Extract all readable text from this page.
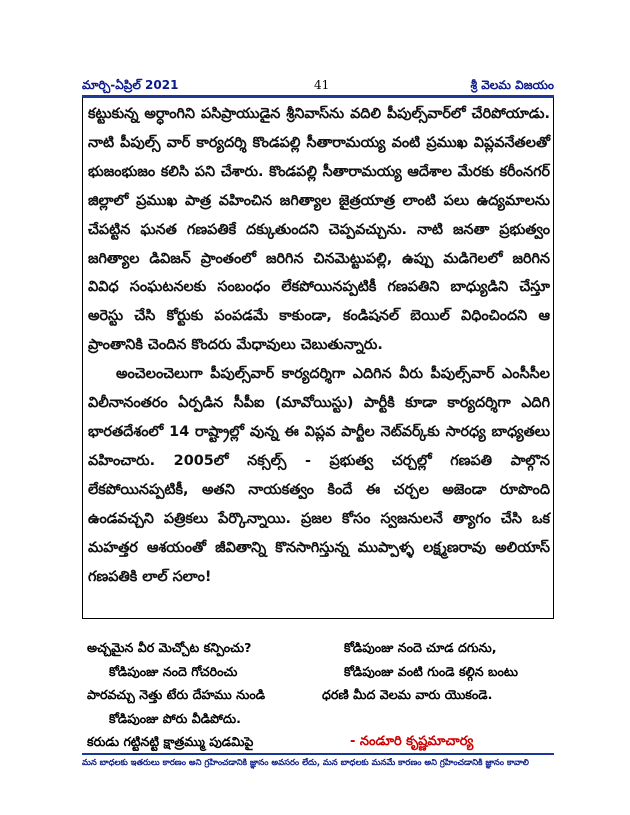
మార్చి-ఏప్రిల్ 2021	41	శ్రీ వెలమ విజయం

కట్టుకున్న అర్ధాంగిని పసిప్రాయుడైన శ్రీనివాస్‌ను వదిలి పీపుల్స్‌వార్‌లో చేరిపోయాడు. నాటి పీపుల్స్ వార్ కార్యదర్శి కొండపల్లి సీతారామయ్య వంటి ప్రముఖ విప్లవనేతలతో భుజంభుజం కలిసి పని చేశారు. కొండపల్లి సీతారామయ్య ఆదేశాల మేరకు కరీంనగర్ జిల్లాలో ప్రముఖ పాత్ర వహించిన జగిత్యాల జైత్రయాత్ర లాంటి పలు ఉద్యమాలను చేపట్టిన ఘనత గణపతికే దక్కుతుందని చెప్పవచ్చును. నాటి జనతా ప్రభుత్వం జగిత్యాల డివిజన్ ప్రాంతంలో జరిగిన చినమెట్టుపల్లి, ఉప్పు మడిగెలలో జరిగిన వివిధ సంఘటనలకు సంబంధం లేకపోయినప్పటికీ గణపతిని బాధ్యుడిని చేస్తూ అరెస్టు చేసి కోర్టుకు పంపడమే కాకుండా, కండిషనల్ బెయిల్ విధించిందని ఆ ప్రాంతానికి చెందిన కొందరు మేధావులు చెబుతున్నారు.

అంచెలంచెలుగా పీపుల్స్‌వార్ కార్యదర్శిగా ఎదిగిన వీరు పీపుల్స్‌వార్ ఎంసీసీల విలీనానంతరం ఏర్పడిన సీపీఐ (మావోయిస్టు) పార్టీకి కూడా కార్యదర్శిగా ఎదిగి భారతదేశంలో 14 రాష్ట్రాల్లో వున్న ఈ విప్లవ పార్టీల నెట్‌వర్క్‌కు సారధ్య బాధ్యతలు వహించారు. 2005లో నక్సల్స్ - ప్రభుత్వ చర్చల్లో గణపతి పాల్గొన లేకపోయినప్పటికీ, అతని నాయకత్వం కిందే ఈ చర్చల అజెండా రూపొంది ఉండవచ్చని పత్రికలు పేర్కొన్నాయి. ప్రజల కోసం స్వజనులనే త్యాగం చేసి ఒక మహత్తర ఆశయంతో జీవితాన్ని కొనసాగిస్తున్న ముప్పాళ్ళ లక్ష్మణరావు అలియాస్ గణపతికి లాల్ సలాం!

అచ్చమైన వీర మెచ్చోట కన్పించు?
కోడిపుంజు నందె గోచరించు
పారవచ్చు నెత్తు టేరు దేహము నుండి
కోడిపుంజు పోరు వీడిపోదు.
కరుడు గట్టినట్టి క్షాత్రమ్ము పుడమిపై
కోడిపుంజు నందె చూడ దగును,
కోడిపుంజు వంటి గుండె కల్గిన బంటు
ధరణి మీద వెలమ వారు యొకండె.

- నండూరి కృష్ణమాచార్య
మన బాధలకు ఇతరులు కారణం అని గ్రహించడానికి జ్ఞానం అవసరం లేదు, మన బాధలకు మనమే కారణం అని గ్రహించడానికి జ్ఞానం కావాలి
